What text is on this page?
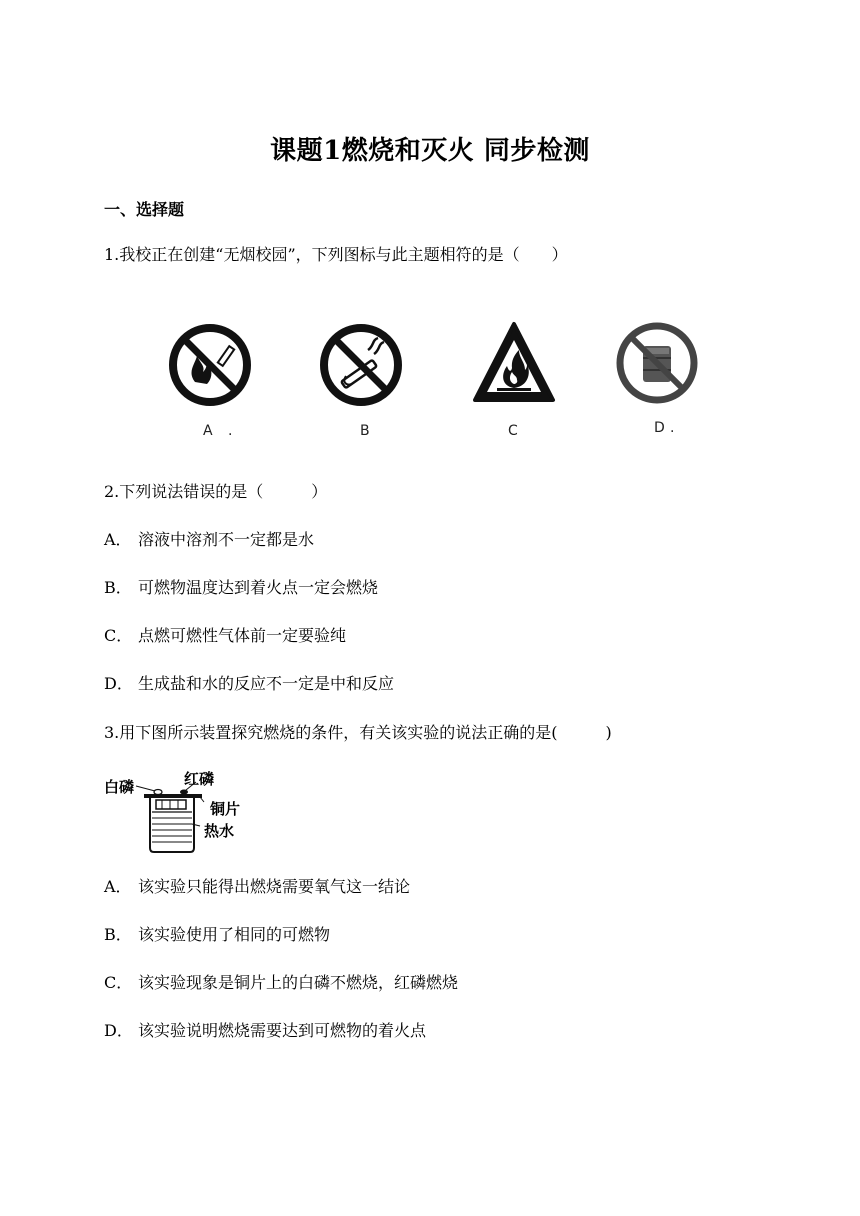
课题1燃烧和灭火 同步检测
一、选择题
1.我校正在创建“无烟校园”，下列图标与此主题相符的是（　　）
A .	B	C	D .
2.下列说法错误的是（　　　）
A． 溶液中溶剂不一定都是水
B． 可燃物温度达到着火点一定会燃烧
C． 点燃可燃性气体前一定要验纯
D． 生成盐和水的反应不一定是中和反应
3.用下图所示装置探究燃烧的条件，有关该实验的说法正确的是(　　　)
白磷	红磷
铜片
热水
A． 该实验只能得出燃烧需要氧气这一结论
B． 该实验使用了相同的可燃物
C． 该实验现象是铜片上的白磷不燃烧，红磷燃烧
D． 该实验说明燃烧需要达到可燃物的着火点
